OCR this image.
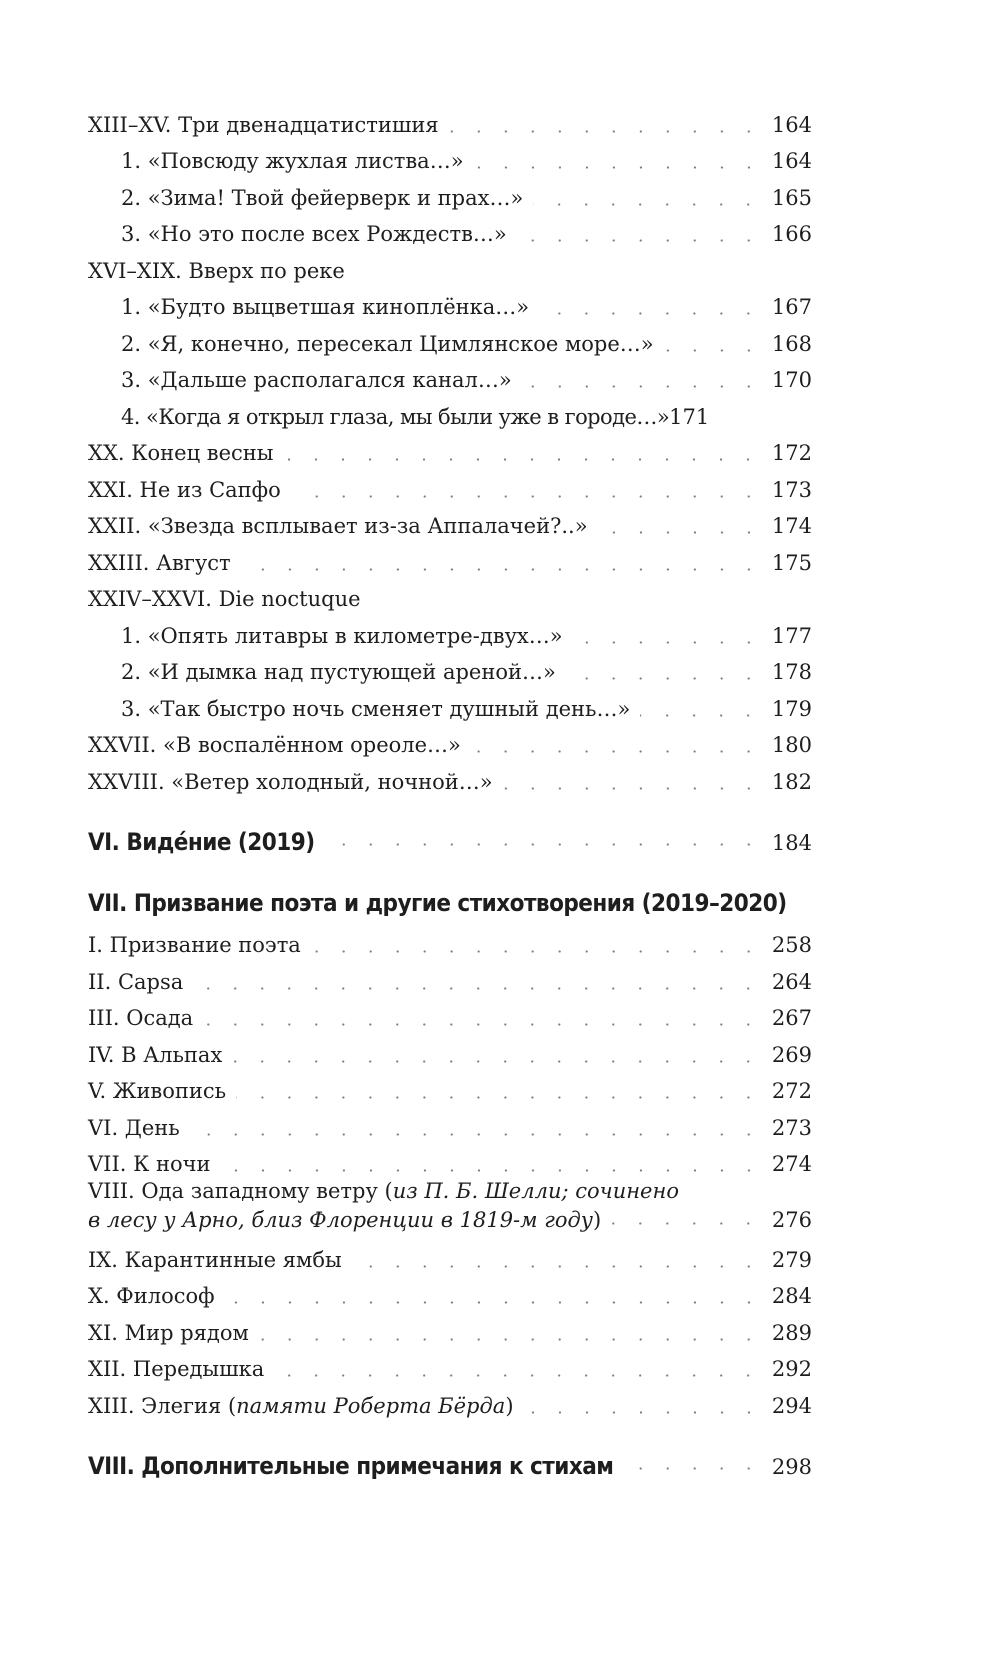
XIII–XV. Три двенадцатистишия	164
1. «Повсюду жухлая листва…»	164
2. «Зима! Твой фейерверк и прах…»	165
3. «Но это после всех Рождеств…»	166
XVI–XIX. Вверх по реке
1. «Будто выцветшая киноплёнка…»	167
2. «Я, конечно, пересекал Цимлянское море…»	168
3. «Дальше располагался канал…»	170
4. «Когда я открыл глаза, мы были уже в городе…» 171
XX. Конец весны	172
XXI. Не из Сапфо	173
XXII. «Звезда всплывает из-за Аппалачей?..»	174
XXIII. Август	175
XXIV–XXVI. Die noctuque
1. «Опять литавры в километре-двух…»	177
2. «И дымка над пустующей ареной…»	178
3. «Так быстро ночь сменяет душный день…»	179
XXVII. «В воспалённом ореоле…»	180
XXVIII. «Ветер холодный, ночной…»	182
VI. Видéние (2019)	184
VII. Призвание поэта и другие стихотворения (2019–2020)
I. Призвание поэта	258
II. Capsa	264
III. Осада	267
IV. В Альпах	269
V. Живопись	272
VI. День	273
VII. К ночи	274
VIII. Ода западному ветру (из П. Б. Шелли; сочинено
в лесу у Арно, близ Флоренции в 1819-м году)	276
IX. Карантинные ямбы	279
X. Философ	284
XI. Мир рядом	289
XII. Передышка	292
XIII. Элегия (памяти Роберта Бёрда)	294
VIII. Дополнительные примечания к стихам	298
